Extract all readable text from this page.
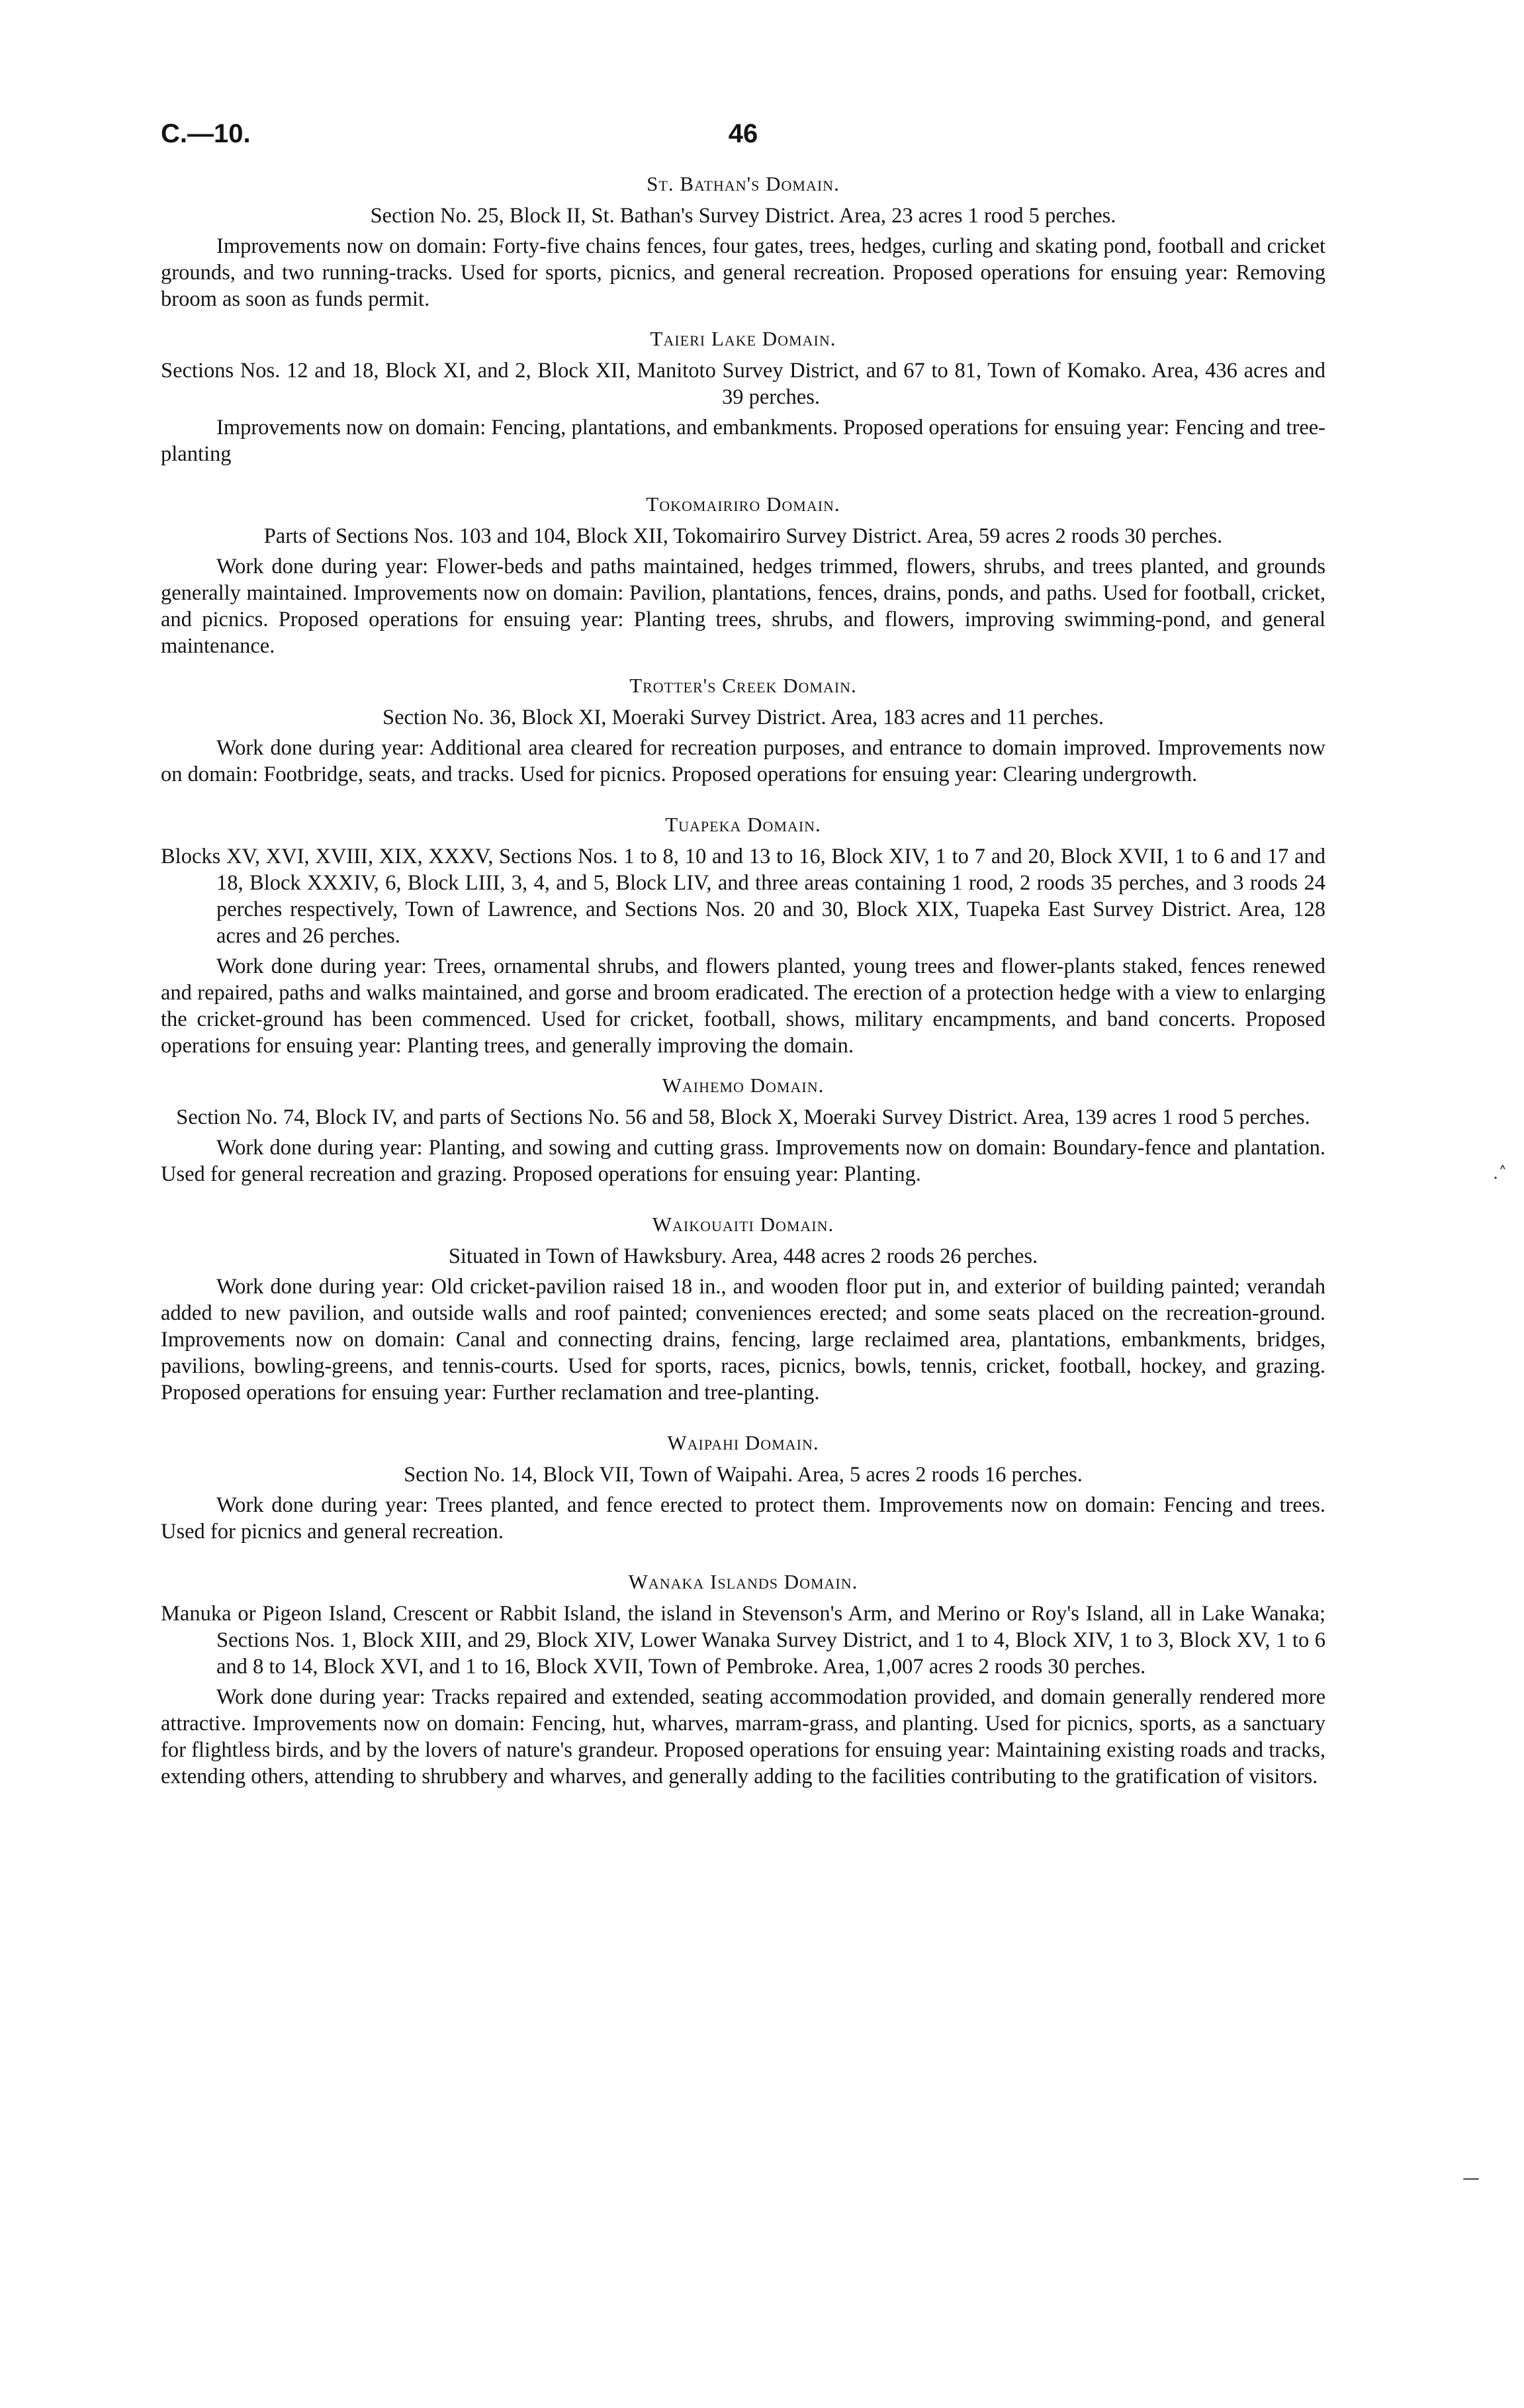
C.—10.	46

St. Bathan's Domain.

Section No. 25, Block II, St. Bathan's Survey District. Area, 23 acres 1 rood 5 perches.

Improvements now on domain: Forty-five chains fences, four gates, trees, hedges, curling and skating pond, football and cricket grounds, and two running-tracks. Used for sports, picnics, and general recreation. Proposed operations for ensuing year: Removing broom as soon as funds permit.

Taieri Lake Domain.

Sections Nos. 12 and 18, Block XI, and 2, Block XII, Manitoto Survey District, and 67 to 81, Town of Komako. Area, 436 acres and 39 perches.

Improvements now on domain: Fencing, plantations, and embankments. Proposed operations for ensuing year: Fencing and tree-planting

Tokomairiro Domain.

Parts of Sections Nos. 103 and 104, Block XII, Tokomairiro Survey District. Area, 59 acres 2 roods 30 perches.

Work done during year: Flower-beds and paths maintained, hedges trimmed, flowers, shrubs, and trees planted, and grounds generally maintained. Improvements now on domain: Pavilion, plantations, fences, drains, ponds, and paths. Used for football, cricket, and picnics. Proposed operations for ensuing year: Planting trees, shrubs, and flowers, improving swimming-pond, and general maintenance.

Trotter's Creek Domain.

Section No. 36, Block XI, Moeraki Survey District. Area, 183 acres and 11 perches.

Work done during year: Additional area cleared for recreation purposes, and entrance to domain improved. Improvements now on domain: Footbridge, seats, and tracks. Used for picnics. Proposed operations for ensuing year: Clearing undergrowth.

Tuapeka Domain.

Blocks XV, XVI, XVIII, XIX, XXXV, Sections Nos. 1 to 8, 10 and 13 to 16, Block XIV, 1 to 7 and 20, Block XVII, 1 to 6 and 17 and 18, Block XXXIV, 6, Block LIII, 3, 4, and 5, Block LIV, and three areas containing 1 rood, 2 roods 35 perches, and 3 roods 24 perches respectively, Town of Lawrence, and Sections Nos. 20 and 30, Block XIX, Tuapeka East Survey District. Area, 128 acres and 26 perches.

Work done during year: Trees, ornamental shrubs, and flowers planted, young trees and flower-plants staked, fences renewed and repaired, paths and walks maintained, and gorse and broom eradicated. The erection of a protection hedge with a view to enlarging the cricket-ground has been commenced. Used for cricket, football, shows, military encampments, and band concerts. Proposed operations for ensuing year: Planting trees, and generally improving the domain.

Waihemo Domain.

Section No. 74, Block IV, and parts of Sections No. 56 and 58, Block X, Moeraki Survey District. Area, 139 acres 1 rood 5 perches.

Work done during year: Planting, and sowing and cutting grass. Improvements now on domain: Boundary-fence and plantation. Used for general recreation and grazing. Proposed operations for ensuing year: Planting.

Waikouaiti Domain.

Situated in Town of Hawksbury. Area, 448 acres 2 roods 26 perches.

Work done during year: Old cricket-pavilion raised 18 in., and wooden floor put in, and exterior of building painted; verandah added to new pavilion, and outside walls and roof painted; conveniences erected; and some seats placed on the recreation-ground. Improvements now on domain: Canal and connecting drains, fencing, large reclaimed area, plantations, embankments, bridges, pavilions, bowling-greens, and tennis-courts. Used for sports, races, picnics, bowls, tennis, cricket, football, hockey, and grazing. Proposed operations for ensuing year: Further reclamation and tree-planting.

Waipahi Domain.

Section No. 14, Block VII, Town of Waipahi. Area, 5 acres 2 roods 16 perches.

Work done during year: Trees planted, and fence erected to protect them. Improvements now on domain: Fencing and trees. Used for picnics and general recreation.

Wanaka Islands Domain.

Manuka or Pigeon Island, Crescent or Rabbit Island, the island in Stevenson's Arm, and Merino or Roy's Island, all in Lake Wanaka; Sections Nos. 1, Block XIII, and 29, Block XIV, Lower Wanaka Survey District, and 1 to 4, Block XIV, 1 to 3, Block XV, 1 to 6 and 8 to 14, Block XVI, and 1 to 16, Block XVII, Town of Pembroke. Area, 1,007 acres 2 roods 30 perches.

Work done during year: Tracks repaired and extended, seating accommodation provided, and domain generally rendered more attractive. Improvements now on domain: Fencing, hut, wharves, marram-grass, and planting. Used for picnics, sports, as a sanctuary for flightless birds, and by the lovers of nature's grandeur. Proposed operations for ensuing year: Maintaining existing roads and tracks, extending others, attending to shrubbery and wharves, and generally adding to the facilities contributing to the gratification of visitors.

.˄
—
